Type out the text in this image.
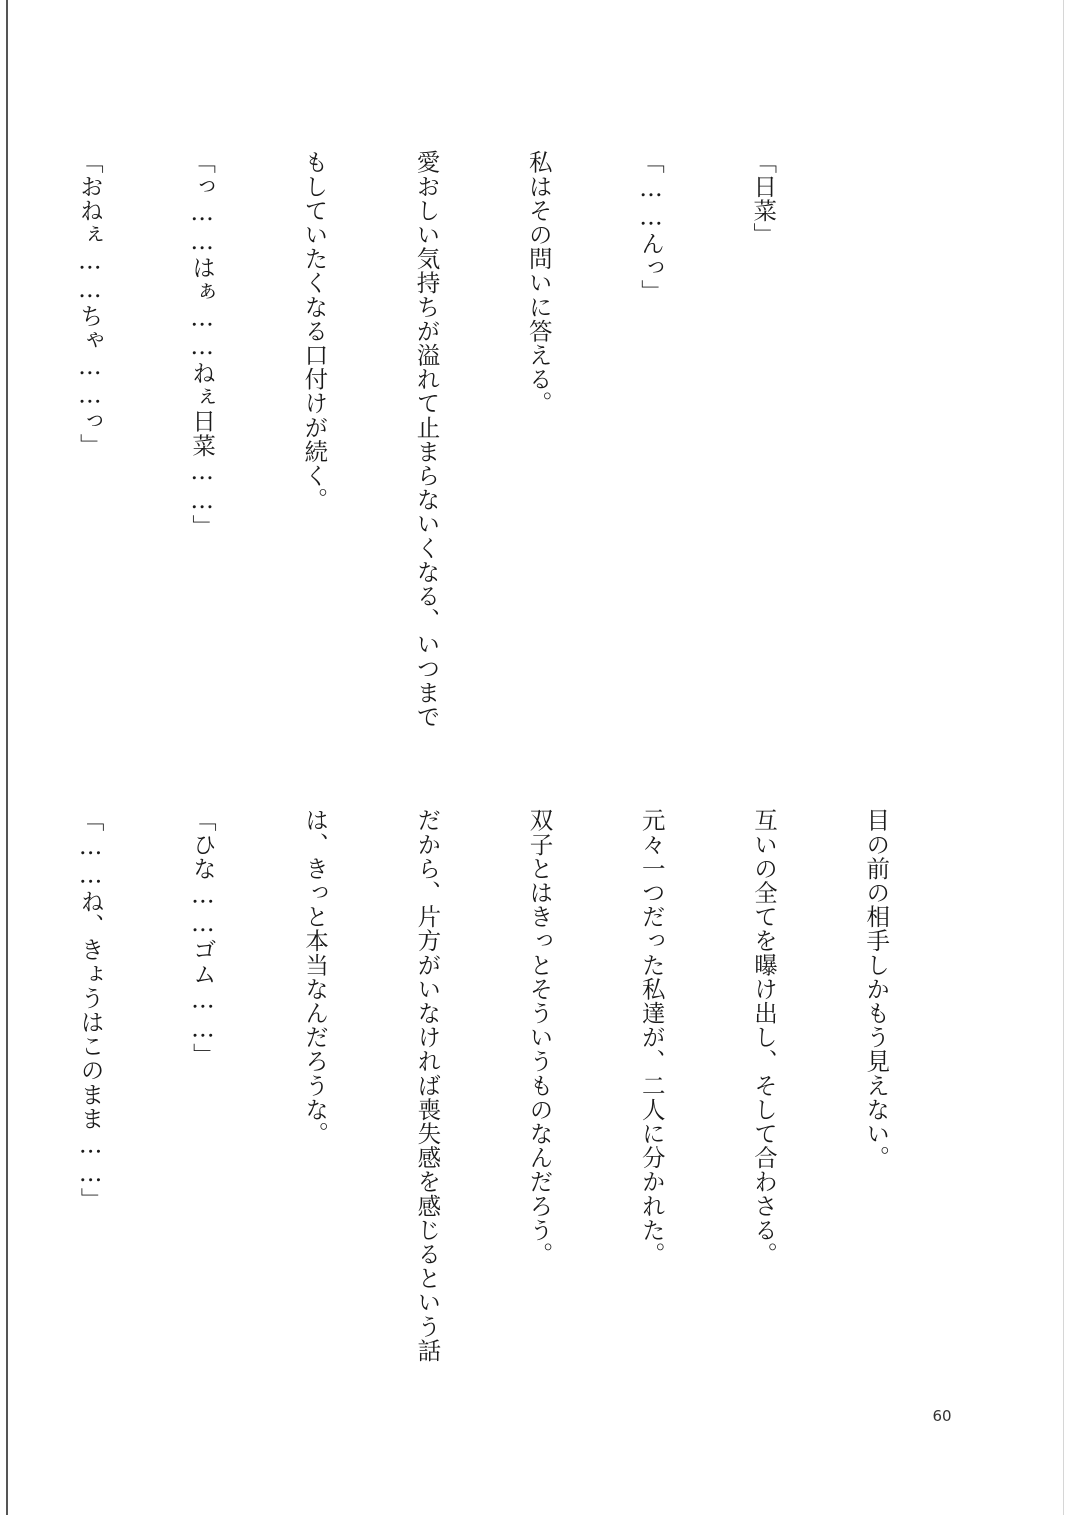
「日菜」

「……んっ」

私はその問いに答える。

愛おしい気持ちが溢れて止まらないくなる、いつまで

もしていたくなる口付けが続く。

「っ……はぁ……ねぇ日菜……」

「おねぇ……ちゃ……っ」

目の前の相手しかもう見えない。

互いの全てを曝け出し、そして合わさる。

元々一つだった私達が、二人に分かれた。

双子とはきっとそういうものなんだろう。

だから、片方がいなければ喪失感を感じるという話

は、きっと本当なんだろうな。

「ひな……ゴム……」

「……ね、きょうはこのまま……」

60
